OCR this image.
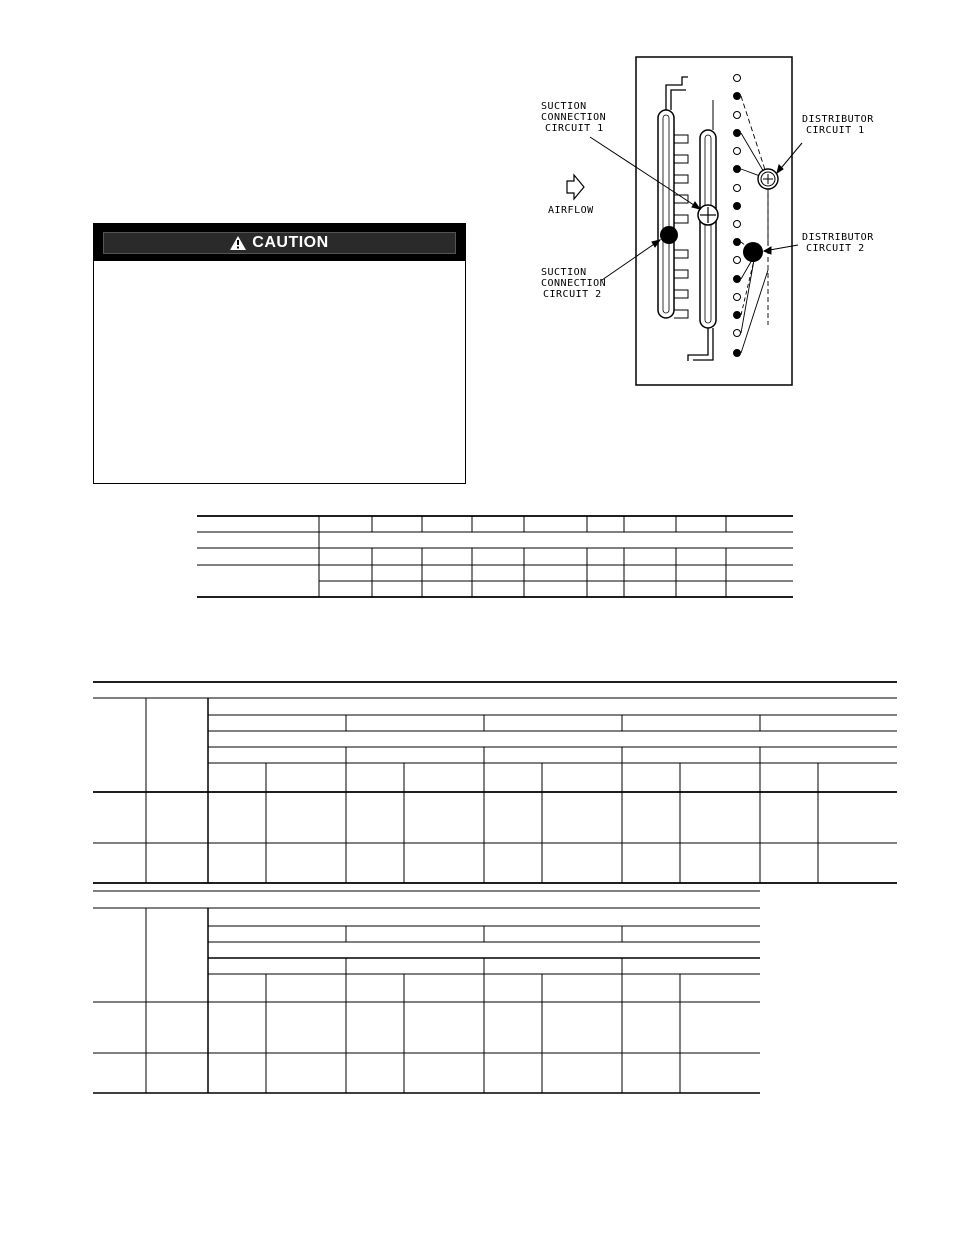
CAUTION
SUCTION
CONNECTION
CIRCUIT 1
AIRFLOW
SUCTION
CONNECTION
CIRCUIT 2
DISTRIBUTOR
CIRCUIT 1
DISTRIBUTOR
CIRCUIT 2
